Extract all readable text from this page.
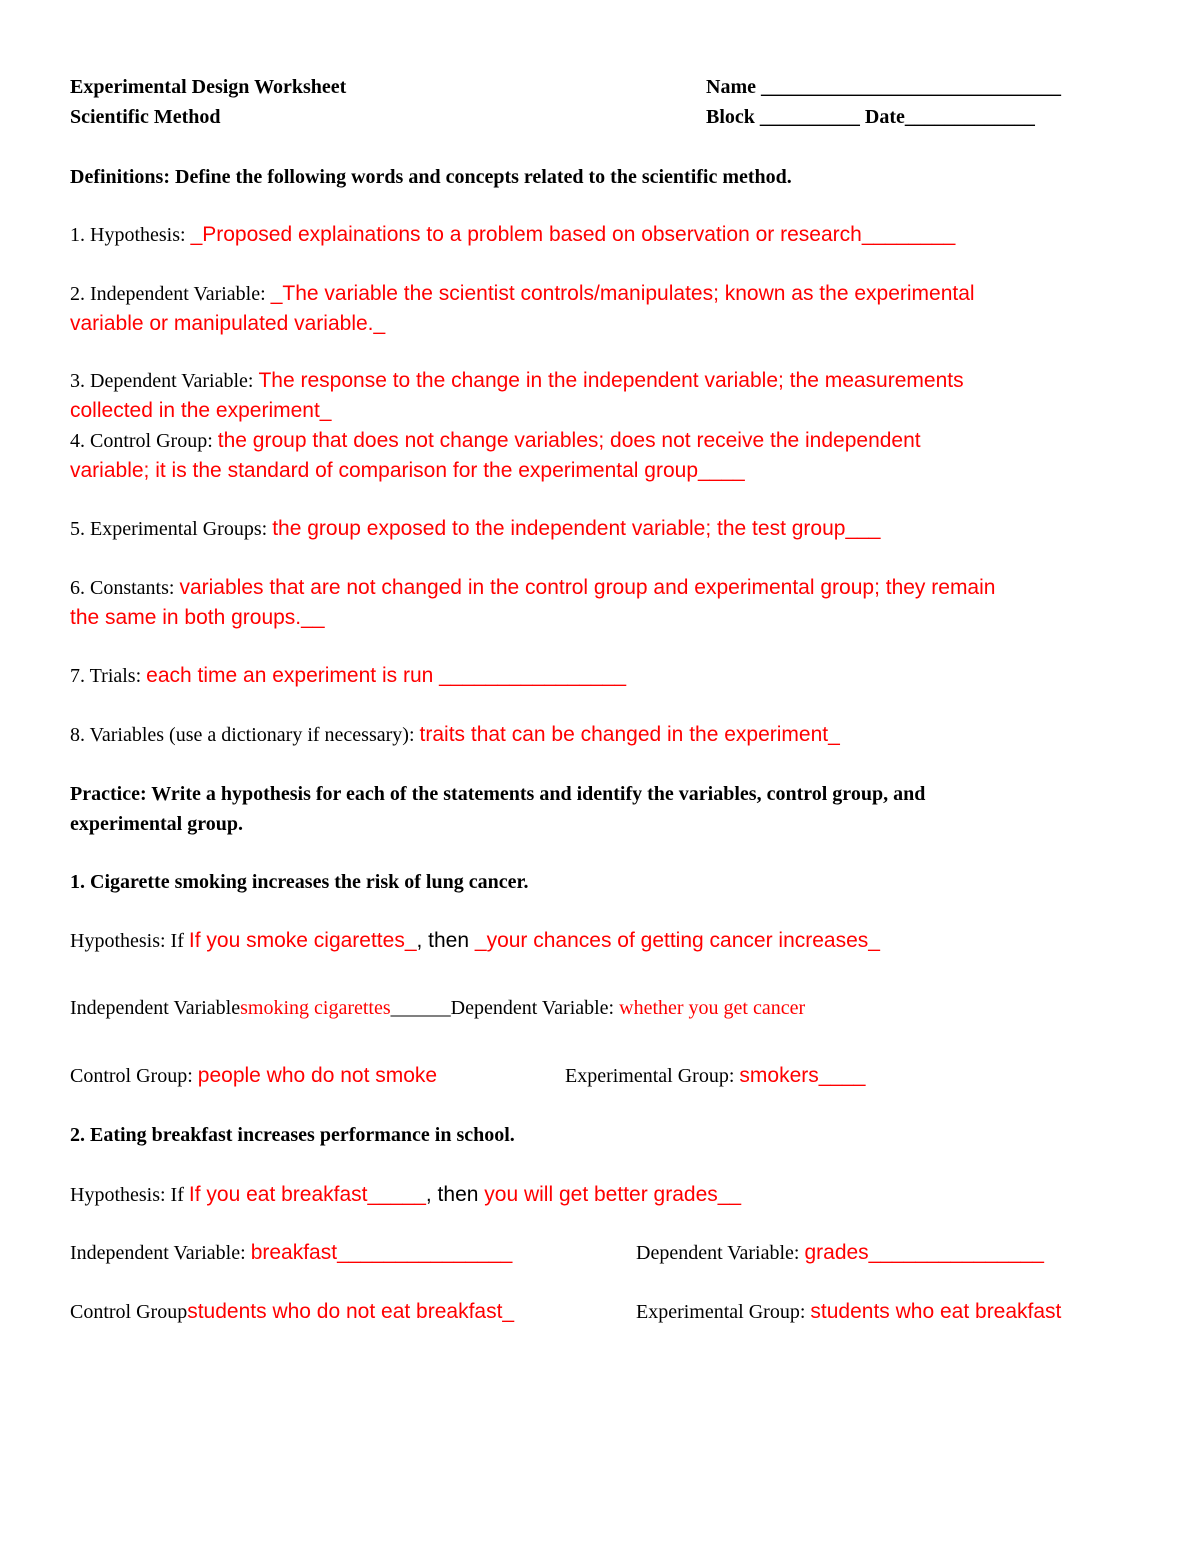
Experimental Design Worksheet	Name ______________________________

Scientific Method	Block __________ Date_____________

Definitions: Define the following words and concepts related to the scientific method.

1. Hypothesis: _Proposed explainations to a problem based on observation or research________

2. Independent Variable: _The variable the scientist controls/manipulates; known as the experimental

variable or manipulated variable._

3. Dependent Variable: The response to the change in the independent variable; the measurements

collected in the experiment_

4. Control Group: the group that does not change variables; does not receive the independent

variable; it is the standard of comparison for the experimental group____

5. Experimental Groups: the group exposed to the independent variable; the test group___

6. Constants: variables that are not changed in the control group and experimental group; they remain

the same in both groups.__

7. Trials: each time an experiment is run ________________

8. Variables (use a dictionary if necessary): traits that can be changed in the experiment_

Practice: Write a hypothesis for each of the statements and identify the variables, control group, and

experimental group.

1. Cigarette smoking increases the risk of lung cancer.

Hypothesis: If If you smoke cigarettes_, then _your chances of getting cancer increases_

Independent Variablesmoking cigarettes______Dependent Variable: whether you get cancer

Control Group: people who do not smoke	Experimental Group: smokers____

2. Eating breakfast increases performance in school.

Hypothesis: If If you eat breakfast_____, then you will get better grades__

Independent Variable: breakfast_______________	Dependent Variable: grades_______________

Control Groupstudents who do not eat breakfast_	Experimental Group: students who eat breakfast
